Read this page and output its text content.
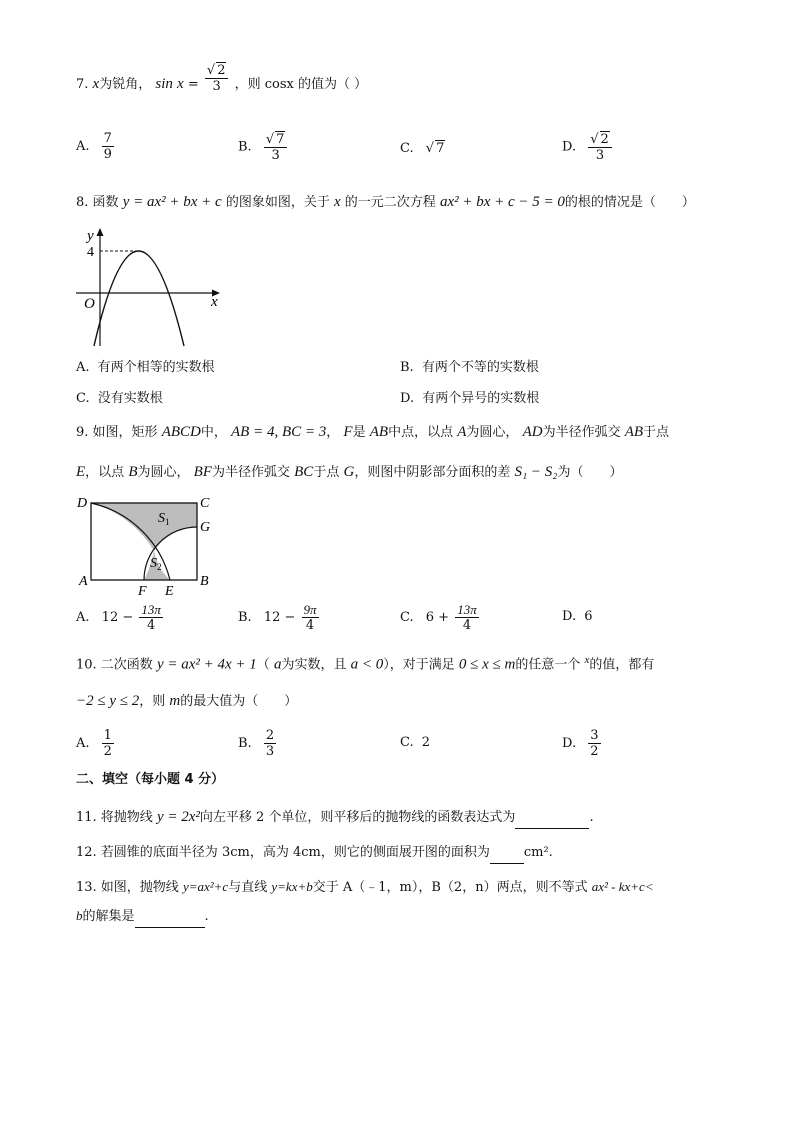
7. x为锐角， $\sin x = \frac{√ 2}{3}$ ，则 cosx 的值为（ ）
A. $\frac{7}{9}$	B. $\frac{√ 7}{3}$	C. √ 7	D. $\frac{√ 2}{3}$
8. 函数 y = ax² + bx + c 的图象如图，关于 x 的一元二次方程 ax² + bx + c − 5 = 0的根的情况是（　　）
y
4
O	x
A. 有两个相等的实数根	B. 有两个不等的实数根
C. 没有实数根	D. 有两个异号的实数根
9. 如图，矩形 ABCD中， AB = 4, BC = 3， F是 AB中点，以点 A为圆心， AD为半径作弧交 AB于点
E，以点 B为圆心， BF为半径作弧交 BC于点 G，则图中阴影部分面积的差 S₁ − S₂为（　　）
D	C
G
A	B
F E
$S_1$
$S_2$
A. $12 - \frac{13\pi}{4}$	B. $12 - \frac{9\pi}{4}$	C. $6 + \frac{13\pi}{4}$	D. 6
10. 二次函数 y = ax² + 4x + 1（ a为实数，且 a < 0），对于满足 0 ≤ x ≤ m的任意一个 $^x$的值，都有
−2 ≤ y ≤ 2，则 m的最大值为（　　）
A. $\frac{1}{2}$	B. $\frac{2}{3}$	C. 2	D. $\frac{3}{2}$
二、填空（每小题 4 分）
11. 将抛物线 y = 2x²向左平移 2 个单位，则平移后的抛物线的函数表达式为	.
12. 若圆锥的底面半径为 3cm，高为 4cm，则它的侧面展开图的面积为	cm².
13. 如图，抛物线 y=ax²+c与直线 y=kx+b交于 A（﹣1，m），B（2，n）两点，则不等式 ax² - kx+c<
b的解集是	.
